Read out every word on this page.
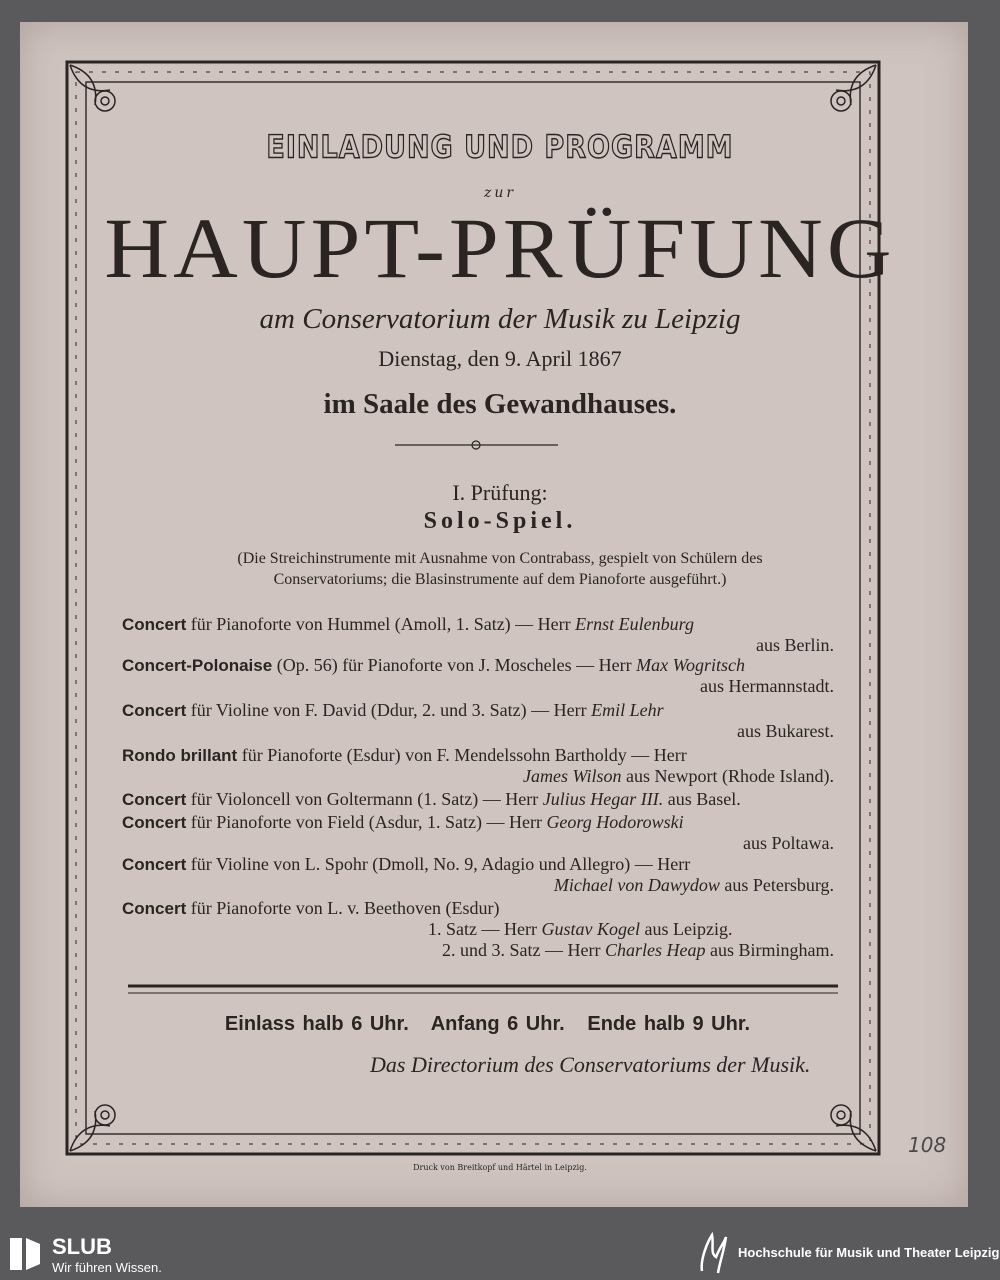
EINLADUNG UND PROGRAMM
zur
HAUPT-PRÜFUNG
am Conservatorium der Musik zu Leipzig
Dienstag, den 9. April 1867
im Saale des Gewandhauses.
I. Prüfung:
Solo-Spiel.
(Die Streichinstrumente mit Ausnahme von Contrabass, gespielt von Schülern des
Conservatoriums; die Blasinstrumente auf dem Pianoforte ausgeführt.)
Concert für Pianoforte von Hummel (Amoll, 1. Satz) — Herr Ernst Eulenburg
aus Berlin.
Concert-Polonaise (Op. 56) für Pianoforte von J. Moscheles — Herr Max Wogritsch
aus Hermannstadt.
Concert für Violine von F. David (Ddur, 2. und 3. Satz) — Herr Emil Lehr
aus Bukarest.
Rondo brillant für Pianoforte (Esdur) von F. Mendelssohn Bartholdy — Herr
James Wilson aus Newport (Rhode Island).
Concert für Violoncell von Goltermann (1. Satz) — Herr Julius Hegar III. aus Basel.
Concert für Pianoforte von Field (Asdur, 1. Satz) — Herr Georg Hodorowski
aus Poltawa.
Concert für Violine von L. Spohr (Dmoll, No. 9, Adagio und Allegro) — Herr
Michael von Dawydow aus Petersburg.
Concert für Pianoforte von L. v. Beethoven (Esdur)
1. Satz — Herr Gustav Kogel aus Leipzig.
2. und 3. Satz — Herr Charles Heap aus Birmingham.
Einlass halb 6 Uhr.   Anfang 6 Uhr.   Ende halb 9 Uhr.
Das Directorium des Conservatoriums der Musik.
Druck von Breitkopf und Härtel in Leipzig.
108
SLUB
Wir führen Wissen.
Hochschule für Musik und Theater Leipzig
